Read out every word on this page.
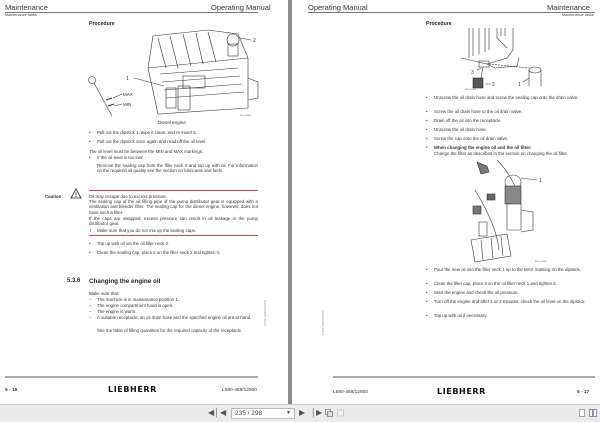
Maintenance	Operating Manual
Maintenance tasks
Procedure
1
2
MAX
MIN
ENG-LMWA
Diesel engine
• Pull out the dipstick 1, wipe it clean, and re-insert it.
• Pull out the dipstick once again and read off the oil level.
The oil level must be between the MIN and MAX markings.
• If the oil level is too low:
Remove the sealing cap from the filler neck 2 and top up with oil. For information on the required oil quality see the section on lubricants and fuels.
Caution !	Oil may escape due to excess pressure.
The sealing cap of the oil filling pipe of the pump distributor gear is equipped with a ventilation and bleeder filter. The sealing cap for the diesel engine, however, does not have such a filter.
If the caps are swapped, excess pressure can result in oil leakage in the pump distributor gear.
! Make sure that you do not mix up the sealing caps.
• Top up with oil via the oil filler neck 2.
• Clean the sealing cap, place it on the filler neck 2 and tighten it.
5.3.6 Changing the engine oil
Make sure that:
– The machine is in maintenance position 1.
– The engine compartment hood is open.
– The engine is warm.
– A suitable receptacle, an oil drain hose and the specified engine oil are at hand.
See the table of filling quantities for the required capacity of the receptacle.
LBH/09.10/9000/02/23a
5 - 16	LIEBHERR	L580-458/12800
Operating Manual	Maintenance
Maintenance tasks
Procedure
3
2	1
ENG-LMWA
• Unscrew the oil drain hose and screw the sealing cap onto the drain valve.
• Screw the oil drain hose to the oil drain valve.
• Drain off the oil into the receptacle.
• Unscrew the oil drain hose.
• Screw the cap onto the oil drain valve.
• When changing the engine oil and the oil filter:
Change the filter as described in the section on changing the oil filter.
1
ENG-LMWA
• Pour the new oil into the filler neck 1 up to the MAX marking on the dipstick.
• Clean the filler cap, place it on the oil filler neck 1 and tighten it.
• Start the engine and check the oil pressure.
• Turn off the engine and after 1 or 2 minutes, check the oil level on the dipstick.
• Top up with oil if necessary.
LBH/09.10/9000/02/23a
L580-458/12800	LIEBHERR	5 - 17
◀│ ◀	235 / 298	▼ ▶ │▶
